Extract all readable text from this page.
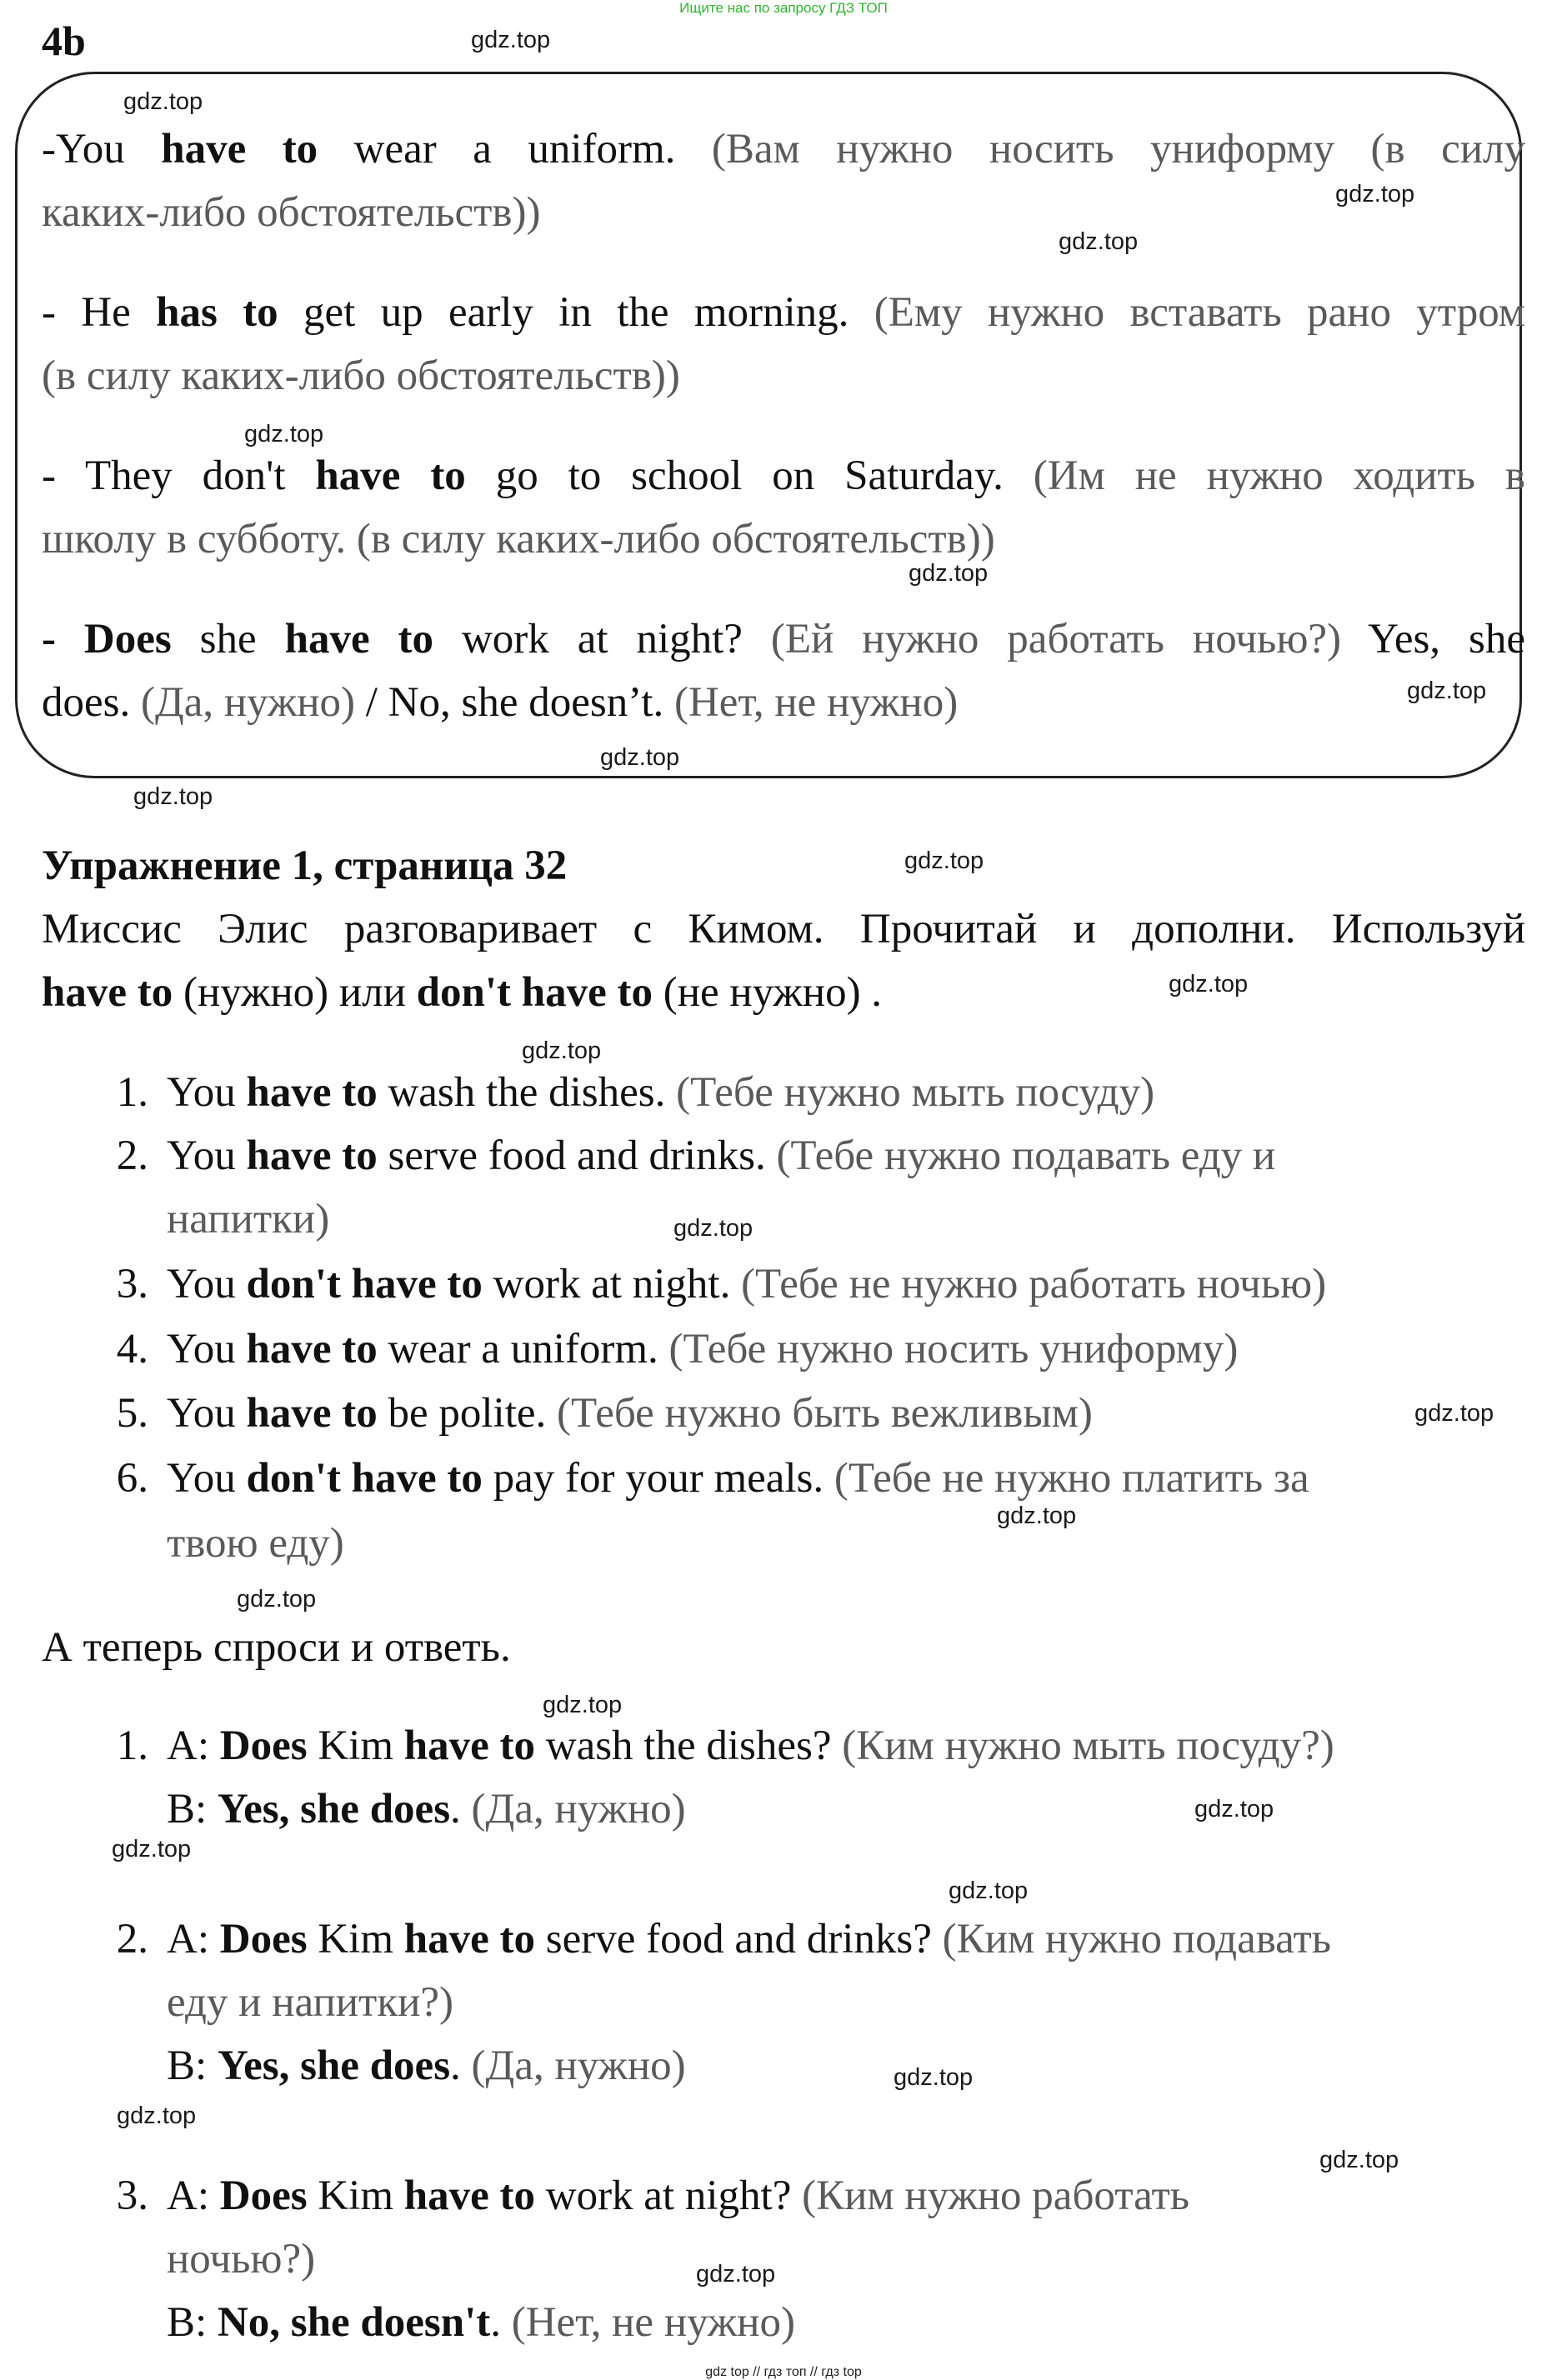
Ищите нас по запросу ГДЗ ТОП
4b
-You have to wear a uniform. (Вам нужно носить униформу (в силу
каких-либо обстоятельств))
- He has to get up early in the morning. (Ему нужно вставать рано утром
(в силу каких-либо обстоятельств))
- They don't have to go to school on Saturday. (Им не нужно ходить в
школу в субботу. (в силу каких-либо обстоятельств))
- Does she have to work at night? (Ей нужно работать ночью?) Yes, she
does. (Да, нужно) / No, she doesn’t. (Нет, не нужно)
Упражнение 1, страница 32
Миссис Элис разговаривает с Кимом. Прочитай и дополни. Используй
have to (нужно) или don't have to (не нужно) .
1. You have to wash the dishes. (Тебе нужно мыть посуду)
2. You have to serve food and drinks. (Тебе нужно подавать еду и
напитки)
3. You don't have to work at night. (Тебе не нужно работать ночью)
4. You have to wear a uniform. (Тебе нужно носить униформу)
5. You have to be polite. (Тебе нужно быть вежливым)
6. You don't have to pay for your meals. (Тебе не нужно платить за
твою еду)
А теперь спроси и ответь.
1. A: Does Kim have to wash the dishes? (Ким нужно мыть посуду?)
B: Yes, she does. (Да, нужно)
2. A: Does Kim have to serve food and drinks? (Ким нужно подавать
еду и напитки?)
B: Yes, she does. (Да, нужно)
3. A: Does Kim have to work at night? (Ким нужно работать
ночью?)
B: No, she doesn't. (Нет, не нужно)
gdz.top
gdz.top
gdz.top
gdz.top
gdz.top
gdz.top
gdz.top
gdz.top
gdz.top
gdz.top
gdz.top
gdz.top
gdz.top
gdz.top
gdz.top
gdz.top
gdz.top
gdz.top
gdz.top
gdz.top
gdz.top
gdz.top
gdz.top
gdz.top
gdz top // гдз топ // гдз top
